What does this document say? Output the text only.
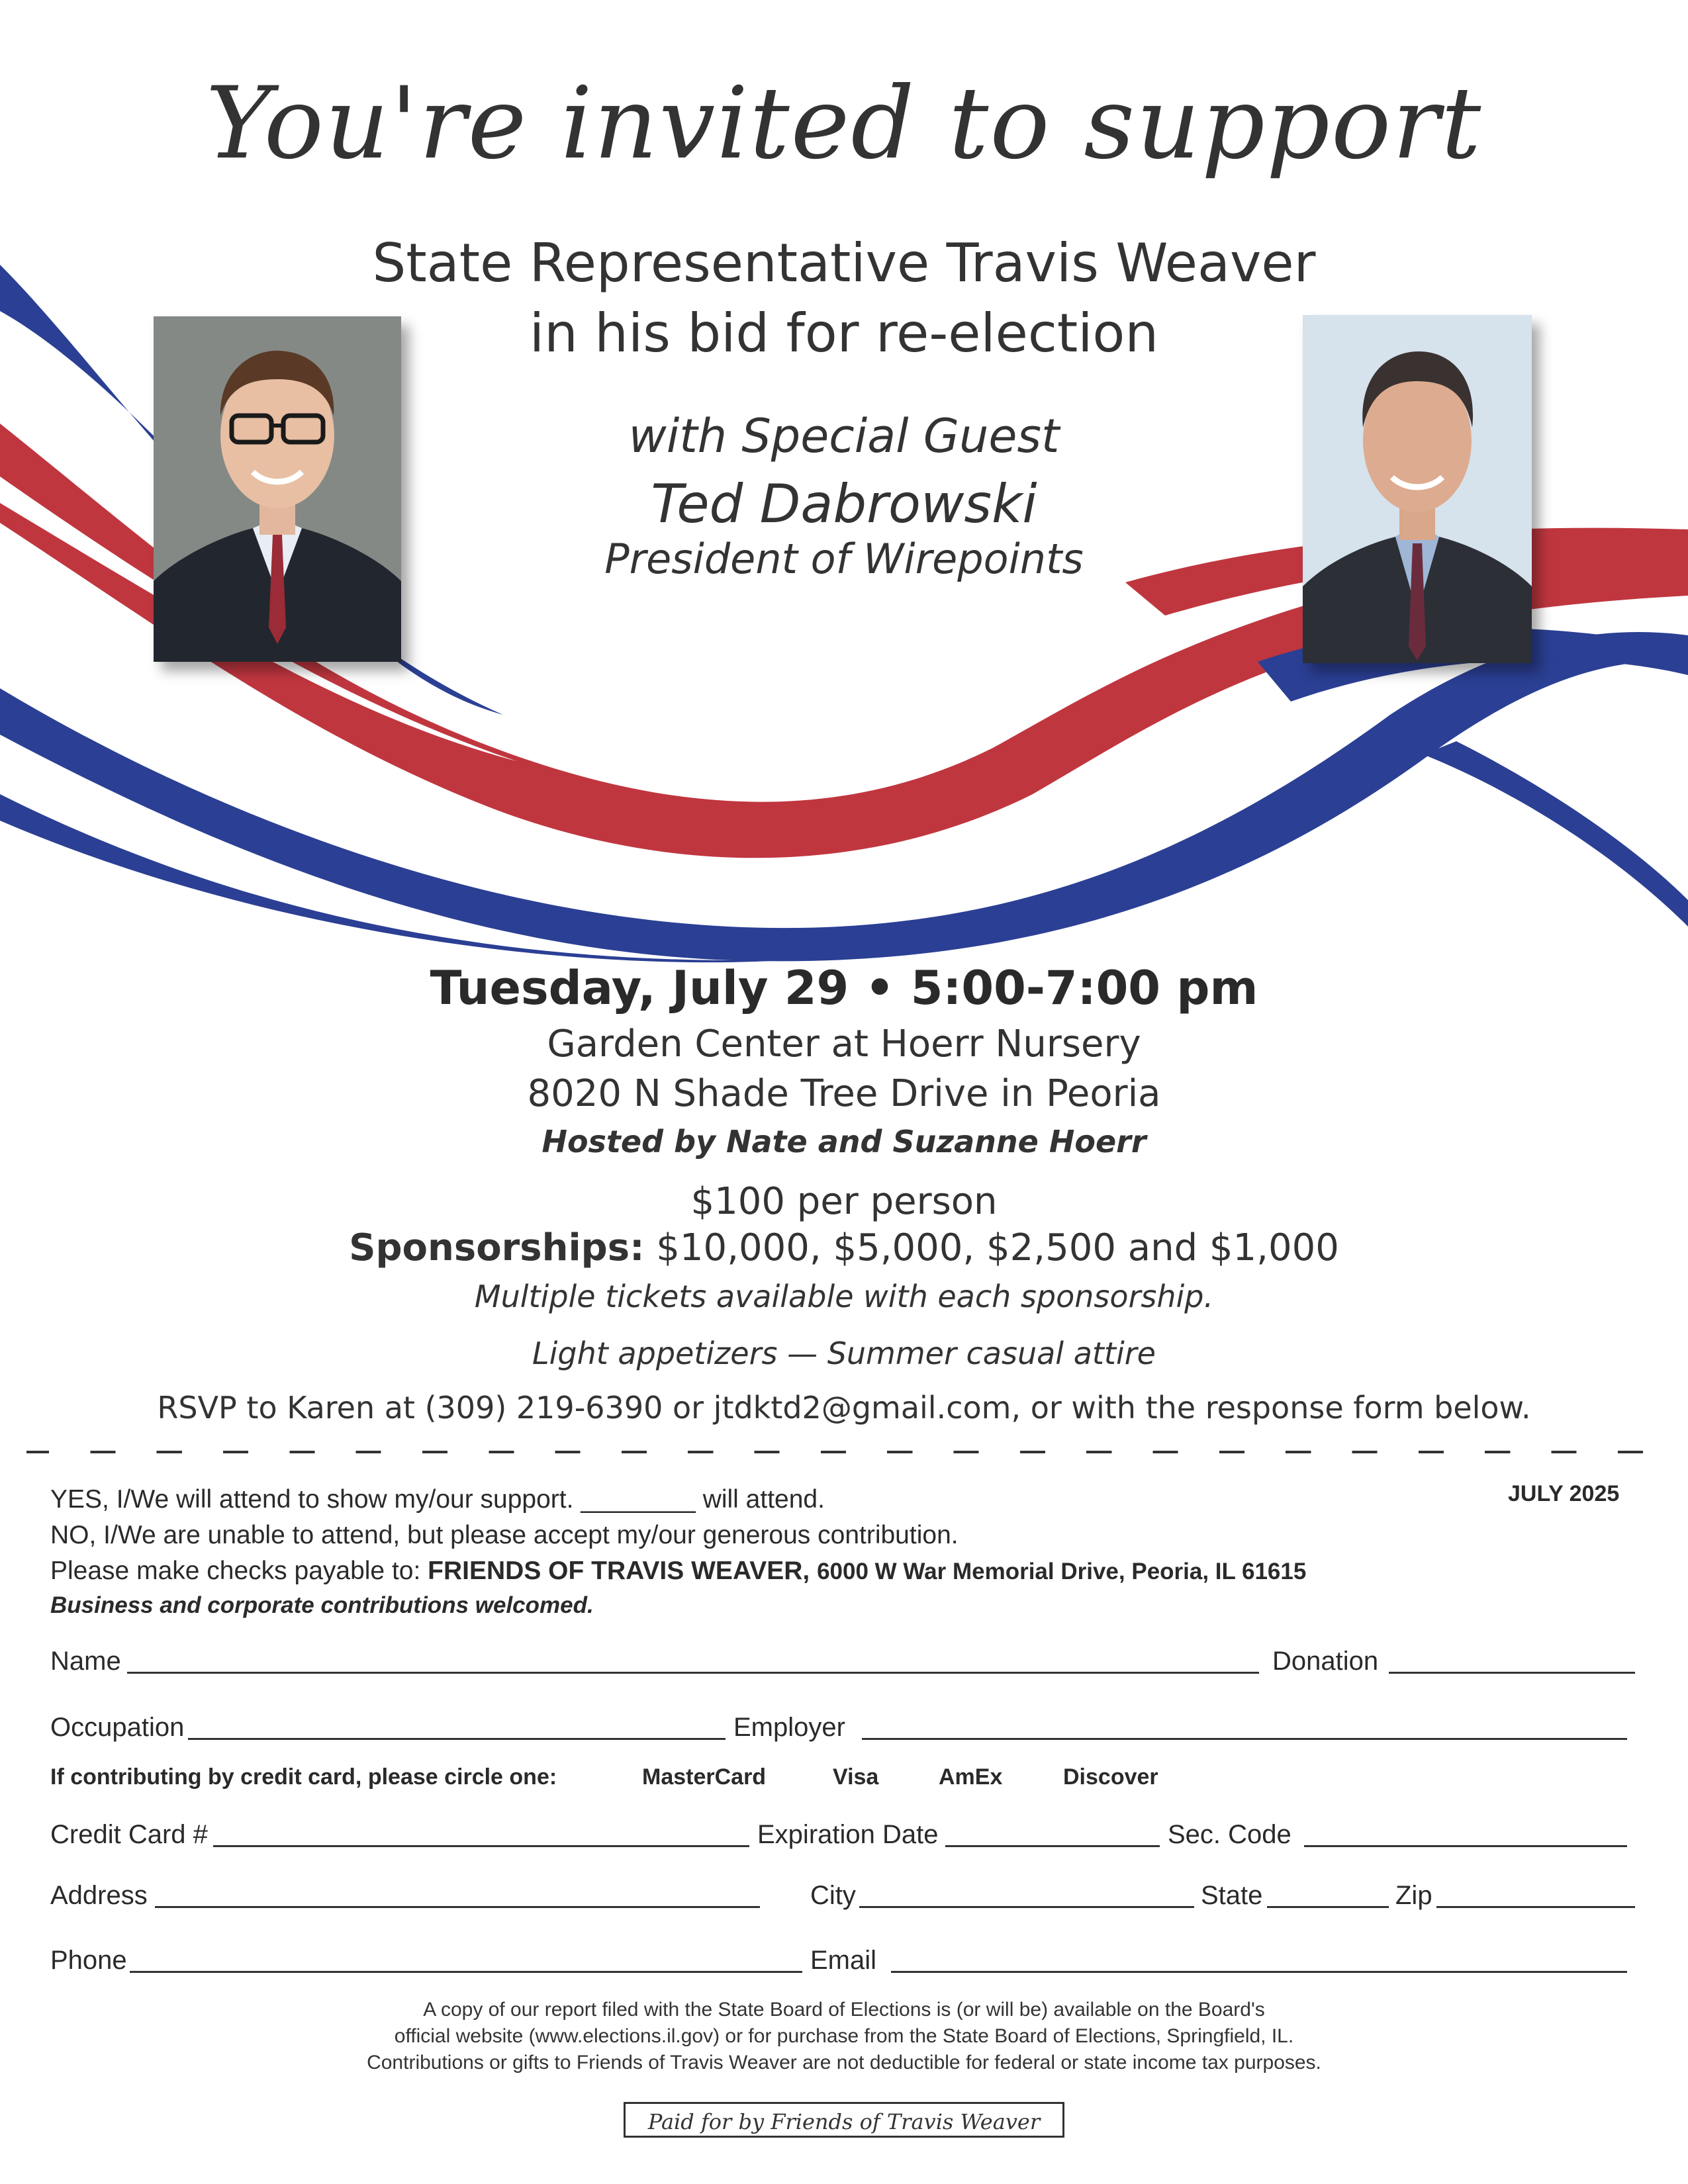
You're invited to support
State Representative Travis Weaver
in his bid for re-election
with Special Guest
Ted Dabrowski
President of Wirepoints
Tuesday, July 29 • 5:00-7:00 pm
Garden Center at Hoerr Nursery
8020 N Shade Tree Drive in Peoria
Hosted by Nate and Suzanne Hoerr
$100 per person
Sponsorships: $10,000, $5,000, $2,500 and $1,000
Multiple tickets available with each sponsorship.
Light appetizers — Summer casual attire
RSVP to Karen at (309) 219-6390 or jtdktd2@gmail.com, or with the response form below.
JULY 2025
YES, I/We will attend to show my/our support. ________ will attend.
NO, I/We are unable to attend, but please accept my/our generous contribution.
Please make checks payable to: FRIENDS OF TRAVIS WEAVER, 6000 W War Memorial Drive, Peoria, IL 61615
Business and corporate contributions welcomed.
Name	Donation
Occupation	Employer
If contributing by credit card, please circle one:	MasterCard	Visa	AmEx	Discover
Credit Card #	Expiration Date	Sec. Code
Address	City	State	Zip
Phone	Email
A copy of our report filed with the State Board of Elections is (or will be) available on the Board's
official website (www.elections.il.gov) or for purchase from the State Board of Elections, Springfield, IL.
Contributions or gifts to Friends of Travis Weaver are not deductible for federal or state income tax purposes.
Paid for by Friends of Travis Weaver
